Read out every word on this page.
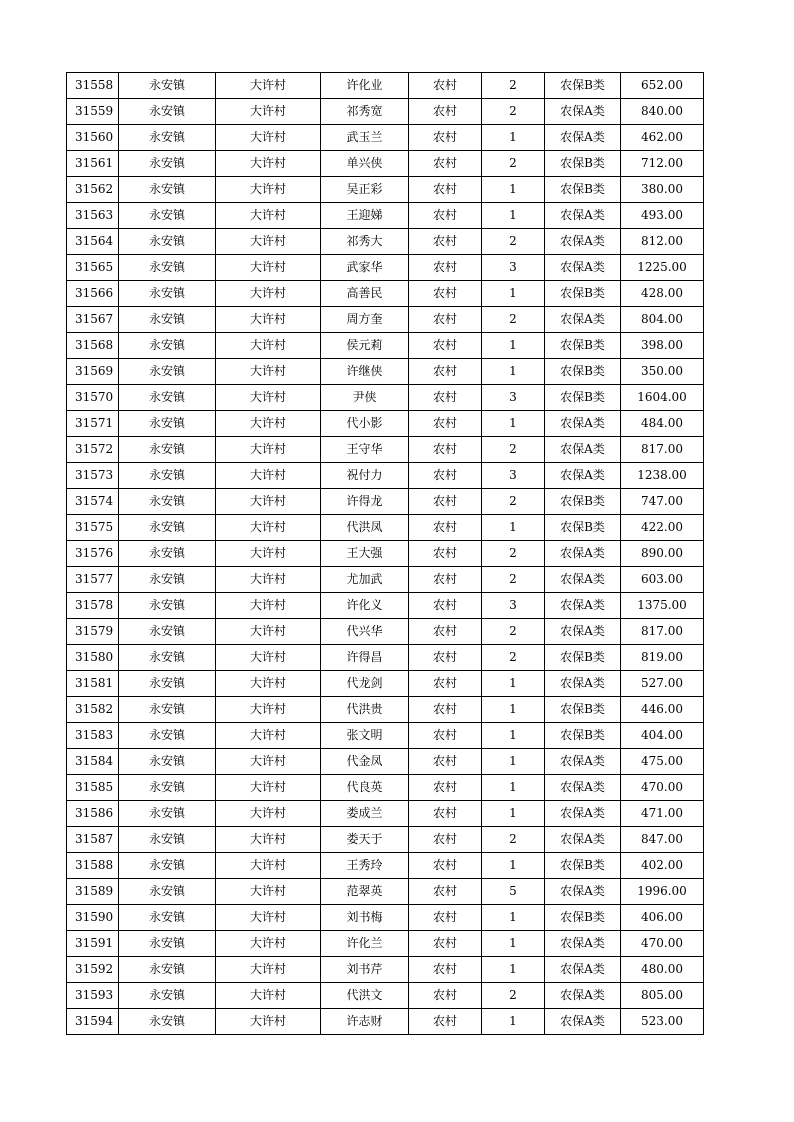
31558	永安镇	大许村	许化业	农村	2	农保B类	652.00
31559	永安镇	大许村	祁秀宽	农村	2	农保A类	840.00
31560	永安镇	大许村	武玉兰	农村	1	农保A类	462.00
31561	永安镇	大许村	单兴侠	农村	2	农保B类	712.00
31562	永安镇	大许村	吴正彩	农村	1	农保B类	380.00
31563	永安镇	大许村	王迎娣	农村	1	农保A类	493.00
31564	永安镇	大许村	祁秀大	农村	2	农保A类	812.00
31565	永安镇	大许村	武家华	农村	3	农保A类	1225.00
31566	永安镇	大许村	高善民	农村	1	农保B类	428.00
31567	永安镇	大许村	周方奎	农村	2	农保A类	804.00
31568	永安镇	大许村	侯元莉	农村	1	农保B类	398.00
31569	永安镇	大许村	许继侠	农村	1	农保B类	350.00
31570	永安镇	大许村	尹侠	农村	3	农保B类	1604.00
31571	永安镇	大许村	代小影	农村	1	农保A类	484.00
31572	永安镇	大许村	王守华	农村	2	农保A类	817.00
31573	永安镇	大许村	祝付力	农村	3	农保A类	1238.00
31574	永安镇	大许村	许得龙	农村	2	农保B类	747.00
31575	永安镇	大许村	代洪凤	农村	1	农保B类	422.00
31576	永安镇	大许村	王大强	农村	2	农保A类	890.00
31577	永安镇	大许村	尤加武	农村	2	农保A类	603.00
31578	永安镇	大许村	许化义	农村	3	农保A类	1375.00
31579	永安镇	大许村	代兴华	农村	2	农保A类	817.00
31580	永安镇	大许村	许得昌	农村	2	农保B类	819.00
31581	永安镇	大许村	代龙剑	农村	1	农保A类	527.00
31582	永安镇	大许村	代洪贵	农村	1	农保B类	446.00
31583	永安镇	大许村	张文明	农村	1	农保B类	404.00
31584	永安镇	大许村	代金凤	农村	1	农保A类	475.00
31585	永安镇	大许村	代良英	农村	1	农保A类	470.00
31586	永安镇	大许村	娄成兰	农村	1	农保A类	471.00
31587	永安镇	大许村	娄天于	农村	2	农保A类	847.00
31588	永安镇	大许村	王秀玲	农村	1	农保B类	402.00
31589	永安镇	大许村	范翠英	农村	5	农保A类	1996.00
31590	永安镇	大许村	刘书梅	农村	1	农保B类	406.00
31591	永安镇	大许村	许化兰	农村	1	农保A类	470.00
31592	永安镇	大许村	刘书芹	农村	1	农保A类	480.00
31593	永安镇	大许村	代洪文	农村	2	农保A类	805.00
31594	永安镇	大许村	许志财	农村	1	农保A类	523.00
